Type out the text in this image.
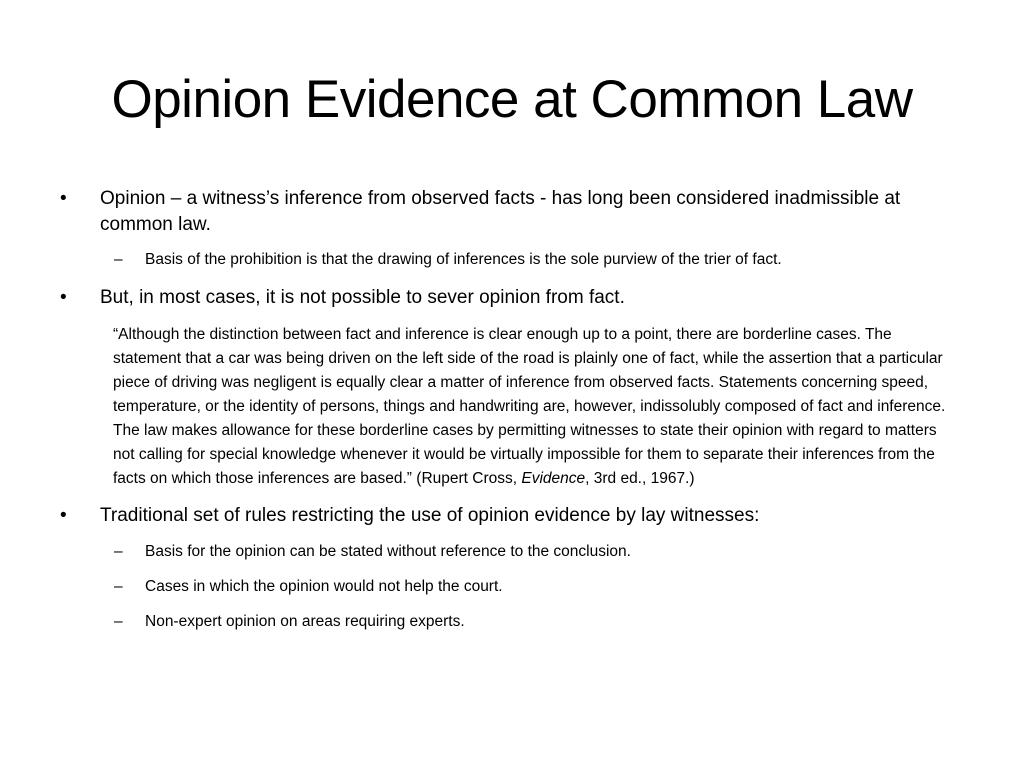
Opinion Evidence at Common Law
• Opinion – a witness’s inference from observed facts - has long been considered inadmissible at common law.
– Basis of the prohibition is that the drawing of inferences is the sole purview of the trier of fact.
• But, in most cases, it is not possible to sever opinion from fact.
“Although the distinction between fact and inference is clear enough up to a point, there are borderline cases. The statement that a car was being driven on the left side of the road is plainly one of fact, while the assertion that a particular piece of driving was negligent is equally clear a matter of inference from observed facts. Statements concerning speed, temperature, or the identity of persons, things and handwriting are, however, indissolubly composed of fact and inference. The law makes allowance for these borderline cases by permitting witnesses to state their opinion with regard to matters not calling for special knowledge whenever it would be virtually impossible for them to separate their inferences from the facts on which those inferences are based.” (Rupert Cross, Evidence, 3rd ed., 1967.)
• Traditional set of rules restricting the use of opinion evidence by lay witnesses:
– Basis for the opinion can be stated without reference to the conclusion.
– Cases in which the opinion would not help the court.
– Non-expert opinion on areas requiring experts.
